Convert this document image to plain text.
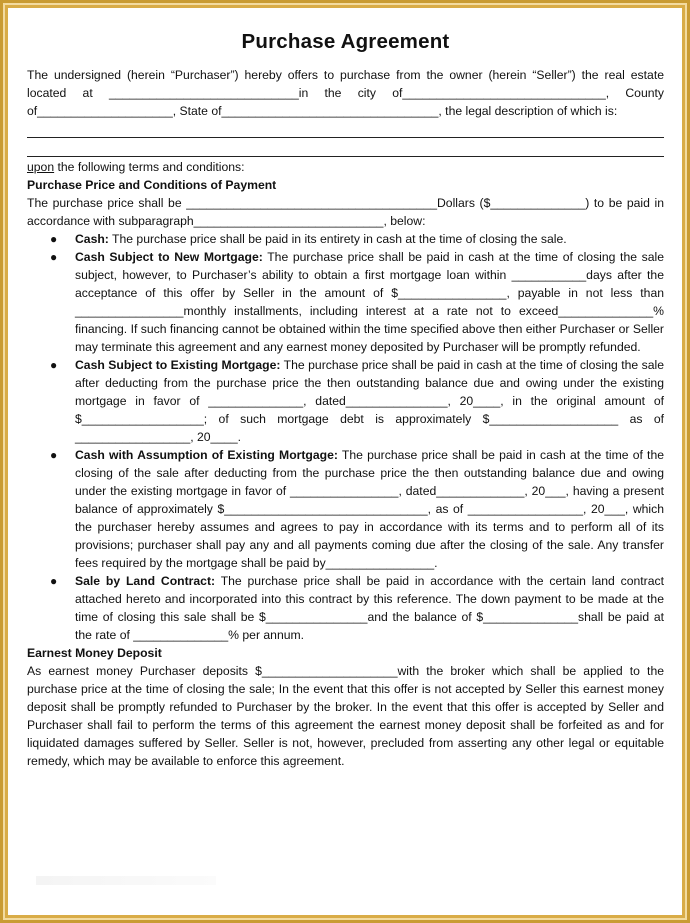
Purchase Agreement

The undersigned (herein “Purchaser”) hereby offers to purchase from the owner (herein “Seller”) the real estate located at ____________________________in the city of______________________________, County of____________________, State of________________________________, the legal description of which is:

upon the following terms and conditions:

Purchase Price and Conditions of Payment

The purchase price shall be _____________________________________Dollars ($______________) to be paid in accordance with subparagraph____________________________, below:

● Cash: The purchase price shall be paid in its entirety in cash at the time of closing the sale.
● Cash Subject to New Mortgage: The purchase price shall be paid in cash at the time of closing the sale subject, however, to Purchaser’s ability to obtain a first mortgage loan within ___________days after the acceptance of this offer by Seller in the amount of $________________, payable in not less than ________________monthly installments, including interest at a rate not to exceed______________% financing. If such financing cannot be obtained within the time specified above then either Purchaser or Seller may terminate this agreement and any earnest money deposited by Purchaser will be promptly refunded.
● Cash Subject to Existing Mortgage: The purchase price shall be paid in cash at the time of closing the sale after deducting from the purchase price the then outstanding balance due and owing under the existing mortgage in favor of ______________, dated_______________, 20____, in the original amount of $__________________; of such mortgage debt is approximately $___________________ as of _________________, 20____.
● Cash with Assumption of Existing Mortgage: The purchase price shall be paid in cash at the time of the closing of the sale after deducting from the purchase price the then outstanding balance due and owing under the existing mortgage in favor of ________________, dated_____________, 20___, having a present balance of approximately $______________________________, as of _________________, 20___, which the purchaser hereby assumes and agrees to pay in accordance with its terms and to perform all of its provisions; purchaser shall pay any and all payments coming due after the closing of the sale. Any transfer fees required by the mortgage shall be paid by________________.
● Sale by Land Contract: The purchase price shall be paid in accordance with the certain land contract attached hereto and incorporated into this contract by this reference. The down payment to be made at the time of closing this sale shall be $_______________and the balance of $______________shall be paid at the rate of ______________% per annum.

Earnest Money Deposit

As earnest money Purchaser deposits $____________________with the broker which shall be applied to the purchase price at the time of closing the sale; In the event that this offer is not accepted by Seller this earnest money deposit shall be promptly refunded to Purchaser by the broker. In the event that this offer is accepted by Seller and Purchaser shall fail to perform the terms of this agreement the earnest money deposit shall be forfeited as and for liquidated damages suffered by Seller. Seller is not, however, precluded from asserting any other legal or equitable remedy, which may be available to enforce this agreement.
